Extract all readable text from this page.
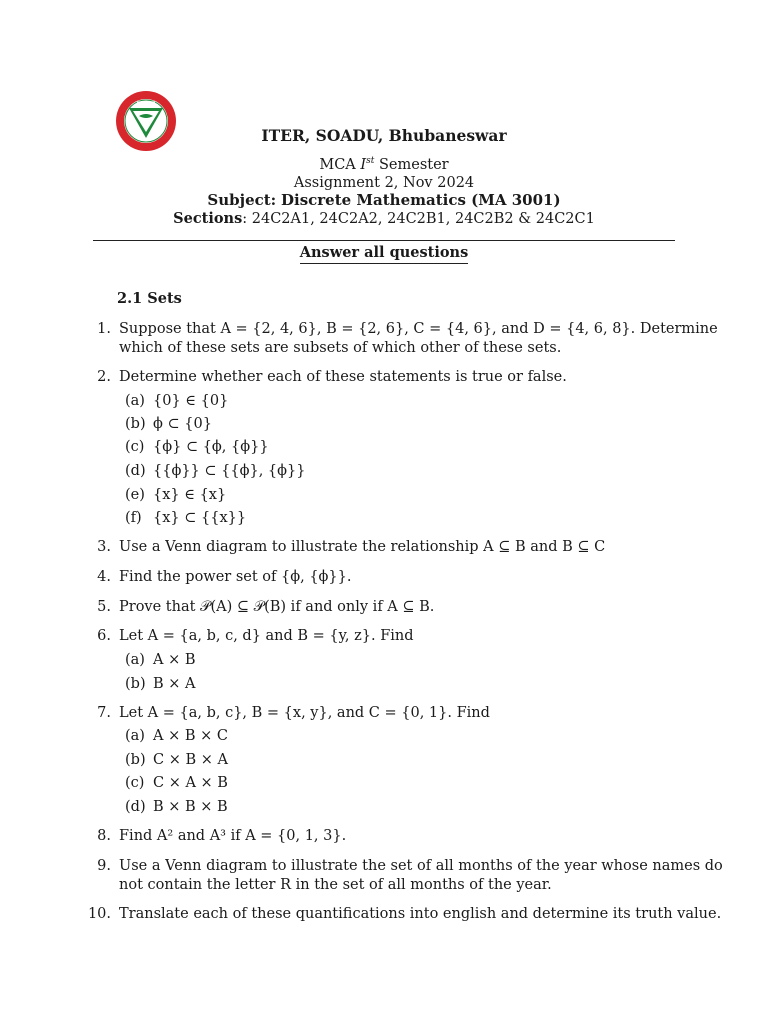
ITER, SOADU, Bhubaneswar
MCA Ist Semester
Assignment 2, Nov 2024
Subject: Discrete Mathematics (MA 3001)
Sections: 24C2A1, 24C2A2, 24C2B1, 24C2B2 & 24C2C1
Answer all questions
2.1 Sets
1. Suppose that A = {2, 4, 6}, B = {2, 6}, C = {4, 6}, and D = {4, 6, 8}. Determine
which of these sets are subsets of which other of these sets.
2. Determine whether each of these statements is true or false.
(a) {0} ∈ {0}
(b) ϕ ⊂ {0}
(c) {ϕ} ⊂ {ϕ, {ϕ}}
(d) {{ϕ}} ⊂ {{ϕ}, {ϕ}}
(e) {x} ∈ {x}
(f) {x} ⊂ {{x}}
3. Use a Venn diagram to illustrate the relationship A ⊆ B and B ⊆ C
4. Find the power set of {ϕ, {ϕ}}.
5. Prove that 𝒫(A) ⊆ 𝒫(B) if and only if A ⊆ B.
6. Let A = {a, b, c, d} and B = {y, z}. Find
(a) A × B
(b) B × A
7. Let A = {a, b, c}, B = {x, y}, and C = {0, 1}. Find
(a) A × B × C
(b) C × B × A
(c) C × A × B
(d) B × B × B
8. Find A² and A³ if A = {0, 1, 3}.
9. Use a Venn diagram to illustrate the set of all months of the year whose names do
not contain the letter R in the set of all months of the year.
10. Translate each of these quantifications into english and determine its truth value.
